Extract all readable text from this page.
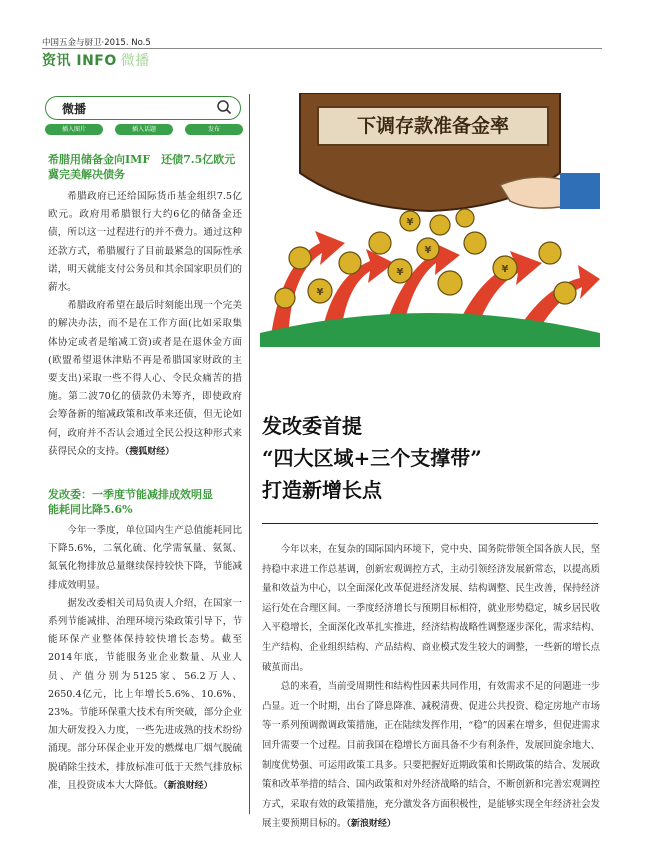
中国五金与厨卫·2015. No.5
资讯 INFO 微播
微播
插入图片	插入话题	发布
希腊用储备金向IMF　还债7.5亿欧元
冀完美解决债务

希腊政府已还给国际货币基金组织7.5亿欧元。政府用希腊银行大约6亿的储备金还债，所以这一过程进行的并不费力。通过这种还款方式，希腊履行了目前最紧急的国际性承诺，明天就能支付公务员和其余国家职员们的薪水。

希腊政府希望在最后时刻能出现一个完美的解决办法，而不是在工作方面(比如采取集体协定或者是缩减工资)或者是在退休金方面(欧盟希望退休津贴不再是希腊国家财政的主要支出)采取一些不得人心、令民众痛苦的措施。第二波70亿的债款仍未筹齐，即使政府会筹备新的缩减政策和改革来还债，但无论如何，政府并不否认会通过全民公投这种形式来获得民众的支持。（搜狐财经）

发改委：一季度节能减排成效明显
能耗同比降5.6%

今年一季度，单位国内生产总值能耗同比下降5.6%，二氧化硫、化学需氧量、氨氮、氮氧化物排放总量继续保持较快下降，节能减排成效明显。

据发改委相关司局负责人介绍，在国家一系列节能减排、治理环境污染政策引导下，节能环保产业整体保持较快增长态势。截至2014年底，节能服务业企业数量、从业人员、产值分别为5125家、56.2万人、2650.4亿元，比上年增长5.6%、10.6%、23%。节能环保重大技术有所突破，部分企业加大研发投入力度，一些先进成熟的技术纷纷涌现。部分环保企业开发的燃煤电厂烟气脱硫脱硝除尘技术，排放标准可低于天然气排放标准，且投资成本大大降低。（新浪财经）

¥
¥
¥	¥
¥
下调存款准备金率
发改委首提
“四大区域+三个支撑带”
打造新增长点

今年以来，在复杂的国际国内环境下，党中央、国务院带领全国各族人民，坚持稳中求进工作总基调，创新宏观调控方式，主动引领经济发展新常态，以提高质量和效益为中心，以全面深化改革促进经济发展、结构调整、民生改善，保持经济运行处在合理区间。一季度经济增长与预期目标相符，就业形势稳定，城乡居民收入平稳增长，全面深化改革扎实推进，经济结构战略性调整逐步深化，需求结构、生产结构、企业组织结构、产品结构、商业模式发生较大的调整，一些新的增长点破茧而出。

总的来看，当前受周期性和结构性因素共同作用，有效需求不足的问题进一步凸显。近一个时期，出台了降息降准、减税清费、促进公共投资、稳定房地产市场等一系列预调微调政策措施，正在陆续发挥作用，“稳”的因素在增多，但促进需求回升需要一个过程。目前我国在稳增长方面具备不少有利条件，发展回旋余地大、制度优势强、可运用政策工具多。只要把握好近期政策和长期政策的结合、发展政策和改革举措的结合、国内政策和对外经济战略的结合，不断创新和完善宏观调控方式，采取有效的政策措施，充分激发各方面积极性，是能够实现全年经济社会发展主要预期目标的。（新浪财经）
